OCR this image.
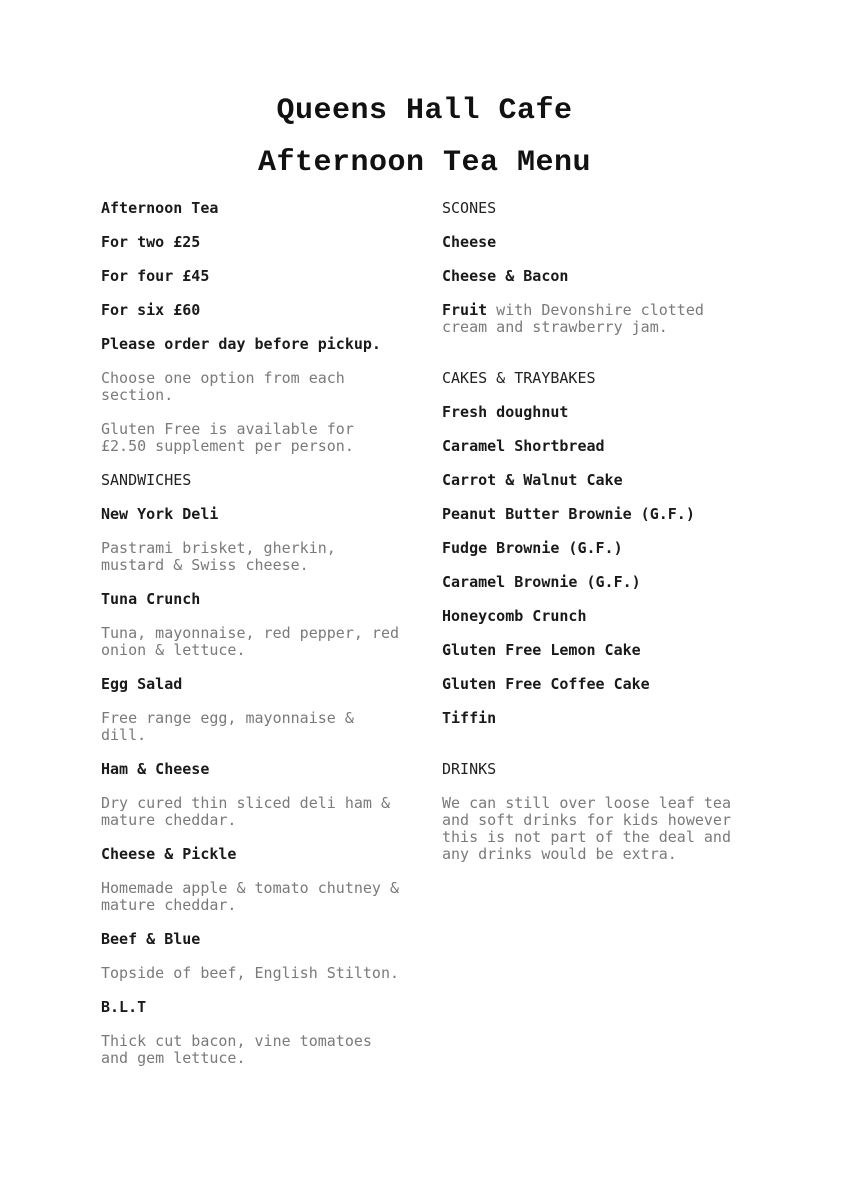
Queens Hall Cafe
Afternoon Tea Menu
Afternoon Tea
For two £25
For four £45
For six £60
Please order day before pickup.
Choose one option from each section.
Gluten Free is available for £2.50 supplement per person.
SANDWICHES
New York Deli
Pastrami brisket, gherkin, mustard & Swiss cheese.
Tuna Crunch
Tuna, mayonnaise, red pepper, red onion & lettuce.
Egg Salad
Free range egg, mayonnaise & dill.
Ham & Cheese
Dry cured thin sliced deli ham & mature cheddar.
Cheese & Pickle
Homemade apple & tomato chutney & mature cheddar.
Beef & Blue
Topside of beef, English Stilton.
B.L.T
Thick cut bacon, vine tomatoes and gem lettuce.
SCONES
Cheese
Cheese & Bacon
Fruit with Devonshire clotted cream and strawberry jam.
CAKES & TRAYBAKES
Fresh doughnut
Caramel Shortbread
Carrot & Walnut Cake
Peanut Butter Brownie (G.F.)
Fudge Brownie (G.F.)
Caramel Brownie (G.F.)
Honeycomb Crunch
Gluten Free Lemon Cake
Gluten Free Coffee Cake
Tiffin
DRINKS
We can still over loose leaf tea and soft drinks for kids however this is not part of the deal and any drinks would be extra.
